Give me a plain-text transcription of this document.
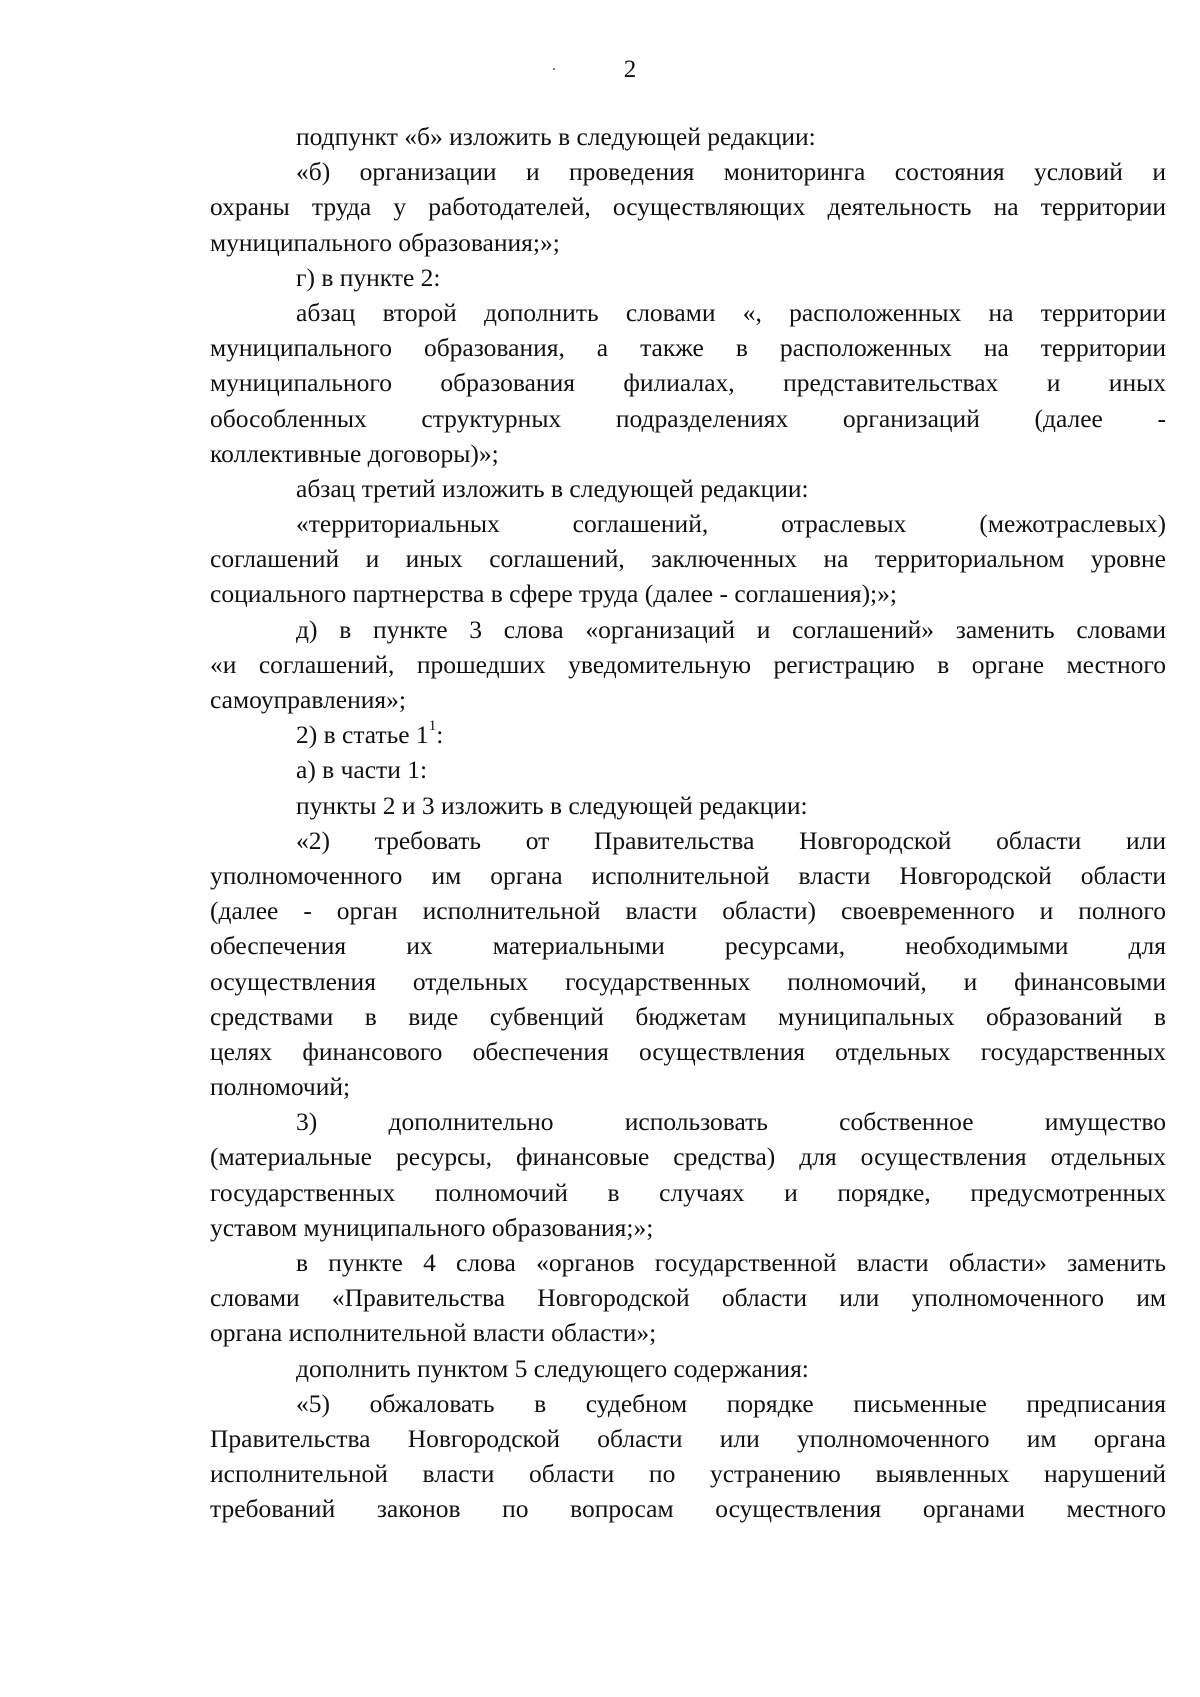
2
подпункт «б» изложить в следующей редакции:
«б) организации и проведения мониторинга состояния условий и
охраны труда у работодателей, осуществляющих деятельность на территории
муниципального образования;»;
г) в пункте 2:
абзац второй дополнить словами «, расположенных на территории
муниципального образования, а также в расположенных на территории
муниципального образования филиалах, представительствах и иных
обособленных структурных подразделениях организаций (далее -
коллективные договоры)»;
абзац третий изложить в следующей редакции:
«территориальных соглашений, отраслевых (межотраслевых)
соглашений и иных соглашений, заключенных на территориальном уровне
социального партнерства в сфере труда (далее - соглашения);»;
д) в пункте 3 слова «организаций и соглашений» заменить словами
«и соглашений, прошедших уведомительную регистрацию в органе местного
самоуправления»;
2) в статье $1^1$:
а) в части 1:
пункты 2 и 3 изложить в следующей редакции:
«2) требовать от Правительства Новгородской области или
уполномоченного им органа исполнительной власти Новгородской области
(далее - орган исполнительной власти области) своевременного и полного
обеспечения их материальными ресурсами, необходимыми для
осуществления отдельных государственных полномочий, и финансовыми
средствами в виде субвенций бюджетам муниципальных образований в
целях финансового обеспечения осуществления отдельных государственных
полномочий;
3) дополнительно использовать собственное имущество
(материальные ресурсы, финансовые средства) для осуществления отдельных
государственных полномочий в случаях и порядке, предусмотренных
уставом муниципального образования;»;
в пункте 4 слова «органов государственной власти области» заменить
словами «Правительства Новгородской области или уполномоченного им
органа исполнительной власти области»;
дополнить пунктом 5 следующего содержания:
«5) обжаловать в судебном порядке письменные предписания
Правительства Новгородской области или уполномоченного им органа
исполнительной власти области по устранению выявленных нарушений
требований законов по вопросам осуществления органами местного
